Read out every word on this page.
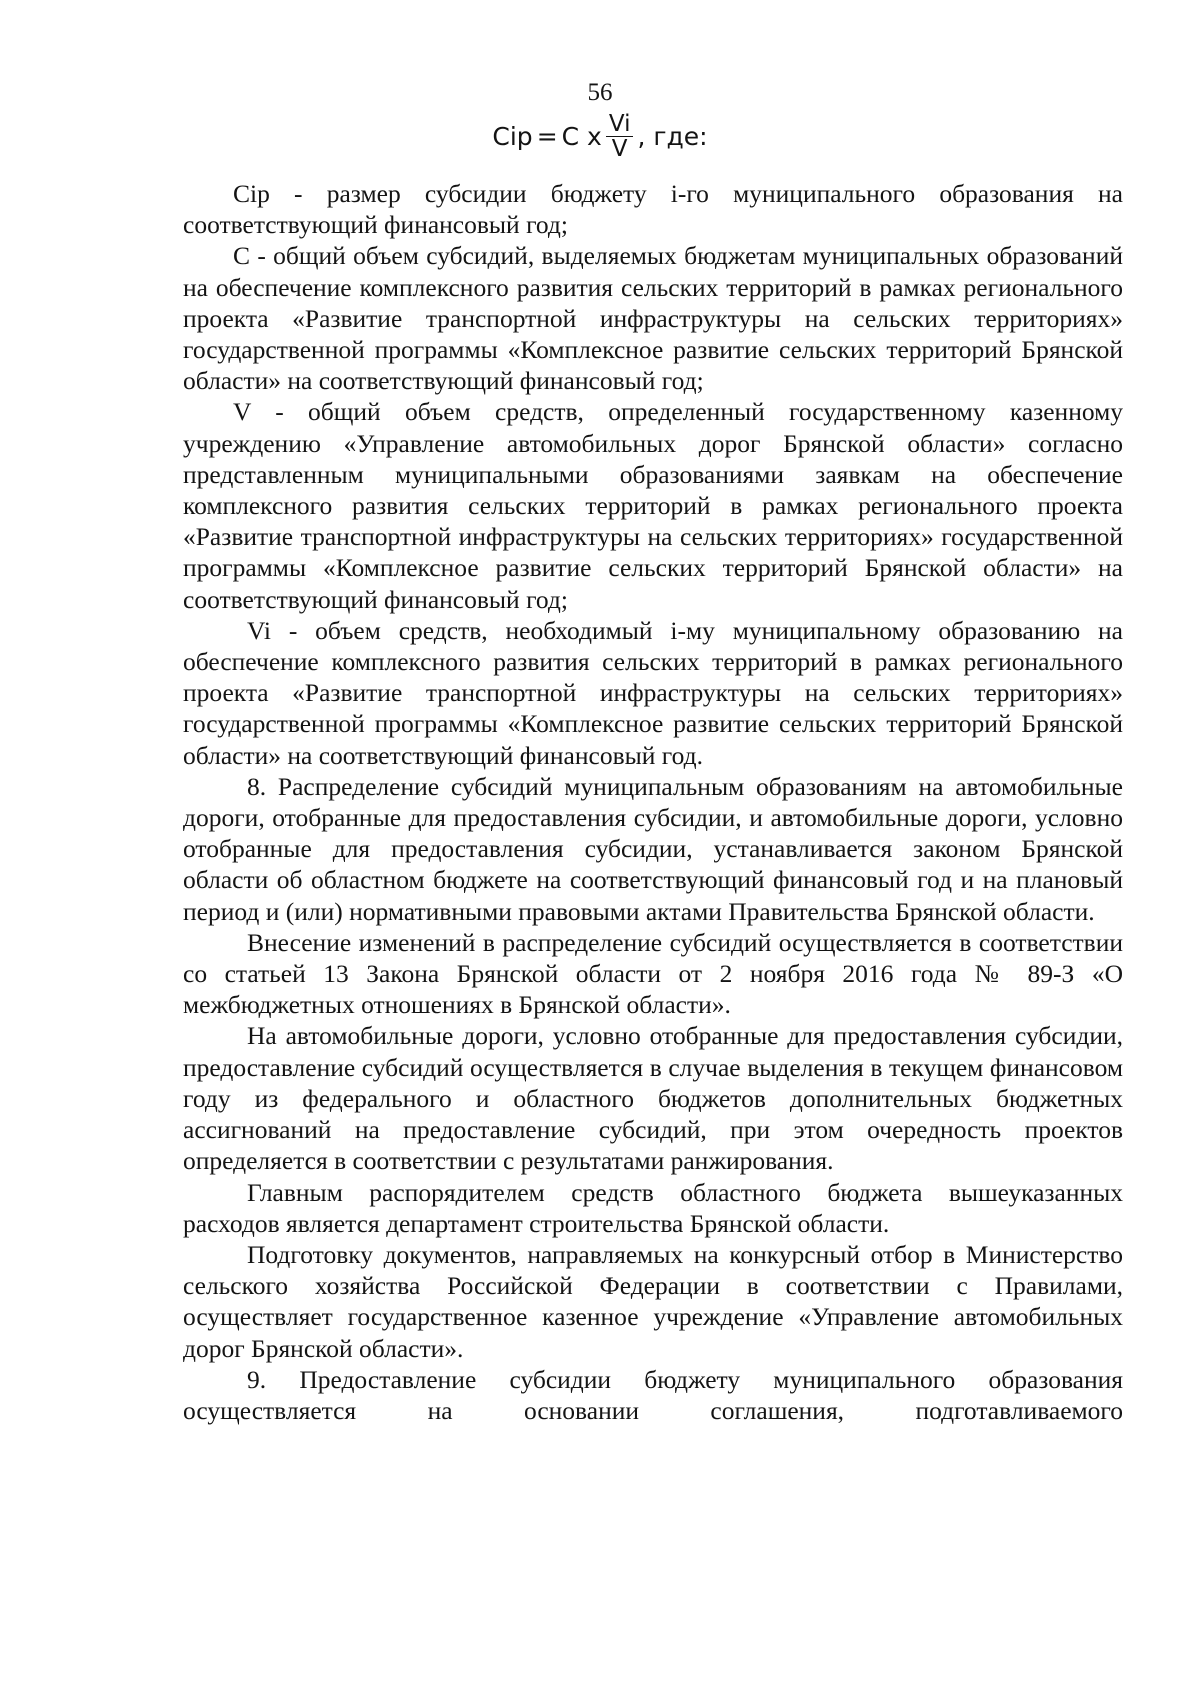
56
Cip = C x $\frac{Vi}{V}$ , где:

Cip - размер субсидии бюджету i-го муниципального образования на соответствующий финансовый год;

C - общий объем субсидий, выделяемых бюджетам муниципальных образований на обеспечение комплексного развития сельских территорий в рамках регионального проекта «Развитие транспортной инфраструктуры на сельских территориях» государственной программы «Комплексное развитие сельских территорий Брянской области» на соответствующий финансовый год;

V - общий объем средств, определенный государственному казенному учреждению «Управление автомобильных дорог Брянской области» согласно представленным муниципальными образованиями заявкам на обеспечение комплексного развития сельских территорий в рамках регионального проекта «Развитие транспортной инфраструктуры на сельских территориях» государственной программы «Комплексное развитие сельских территорий Брянской области» на соответствующий финансовый год;

Vi - объем средств, необходимый i-му муниципальному образованию на обеспечение комплексного развития сельских территорий в рамках регионального проекта «Развитие транспортной инфраструктуры на сельских территориях» государственной программы «Комплексное развитие сельских территорий Брянской области» на соответствующий финансовый год.

8. Распределение субсидий муниципальным образованиям на автомобильные дороги, отобранные для предоставления субсидии, и автомобильные дороги, условно отобранные для предоставления субсидии, устанавливается законом Брянской области об областном бюджете на соответствующий финансовый год и на плановый период и (или) нормативными правовыми актами Правительства Брянской области.

Внесение изменений в распределение субсидий осуществляется в соответствии со статьей 13 Закона Брянской области от 2 ноября 2016 года № 89-З «О межбюджетных отношениях в Брянской области».

На автомобильные дороги, условно отобранные для предоставления субсидии, предоставление субсидий осуществляется в случае выделения в текущем финансовом году из федерального и областного бюджетов дополнительных бюджетных ассигнований на предоставление субсидий, при этом очередность проектов определяется в соответствии с результатами ранжирования.

Главным распорядителем средств областного бюджета вышеуказанных расходов является департамент строительства Брянской области.

Подготовку документов, направляемых на конкурсный отбор в Министерство сельского хозяйства Российской Федерации в соответствии с Правилами, осуществляет государственное казенное учреждение «Управление автомобильных дорог Брянской области».

9. Предоставление субсидии бюджету муниципального образования осуществляется на основании соглашения, подготавливаемого
